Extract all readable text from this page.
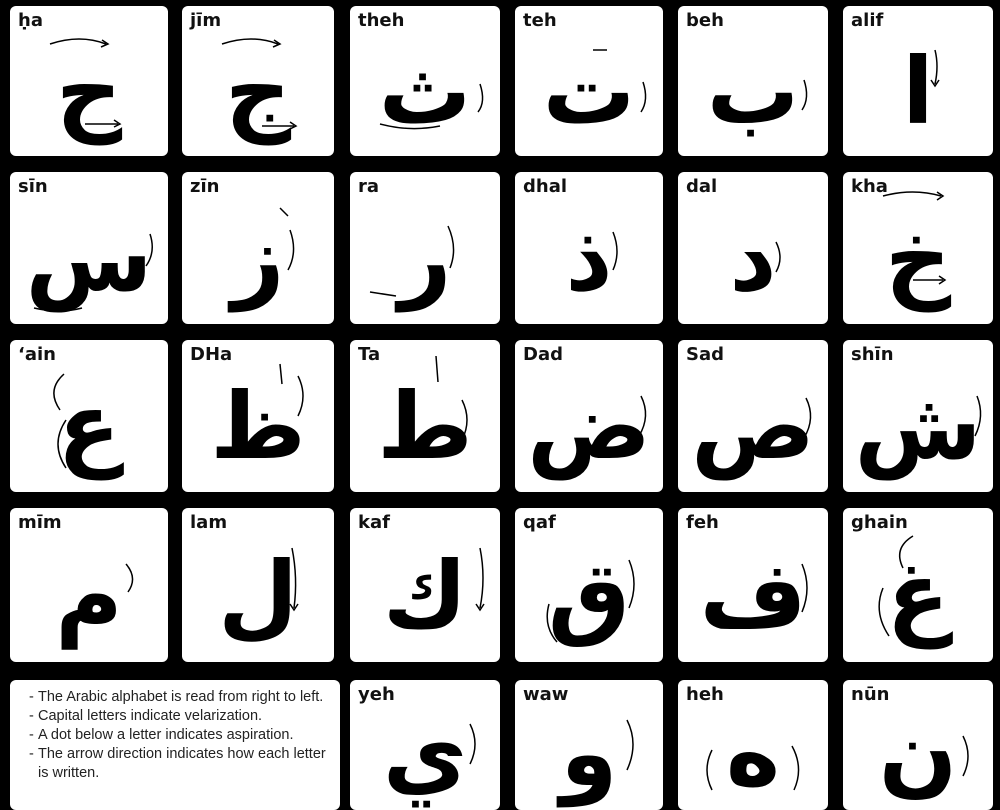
ḥa
ح
jīm
ج
theh
ث
teh
ت
beh
ب
alif
ا
sīn
س
zīn
ز
ra
ر
dhal
ذ
dal
د
kha
خ
‘ain
ع
DHa
ظ
Ta
ط
Dad
ض
Sad
ص
shīn
ش
mīm
م
lam
ل
kaf
ك
qaf
ق
feh
ف
ghain
غ
- The Arabic alphabet is read from right to left.
- Capital letters indicate velarization.
- A dot below a letter indicates aspiration.
- The arrow direction indicates how each letter is written.
yeh
ي
waw
و
heh
ه
nūn
ن
